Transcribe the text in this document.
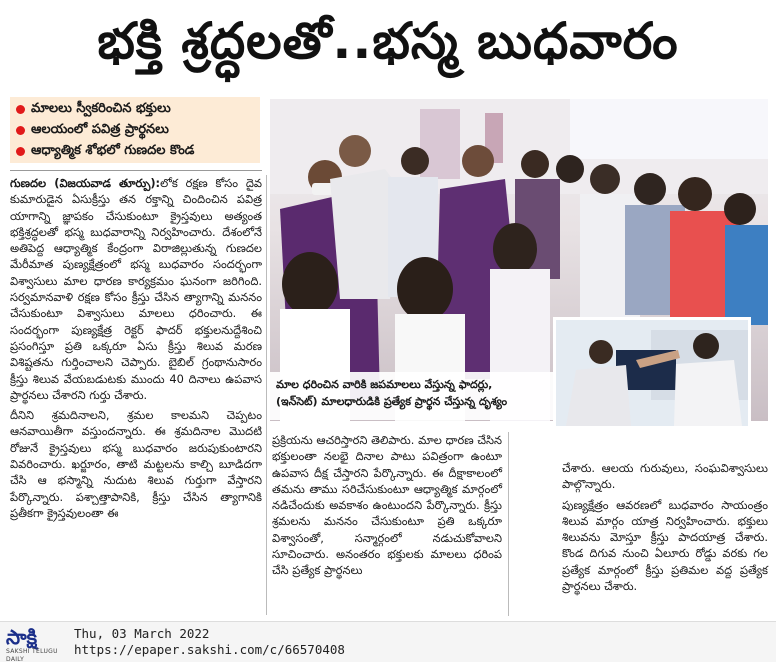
భక్తి శ్రద్ధలతో..భస్మ బుధవారం
మాలలు స్వీకరించిన భక్తులు
ఆలయంలో పవిత్ర ప్రార్థనలు
ఆధ్యాత్మిక శోభలో గుణదల కొండ
మాల ధరించిన వారికి జపమాలలు వేస్తున్న ఫాదర్లు,
(ఇన్‌సెట్) మాలధారుడికి ప్రత్యేక ప్రార్థన చేస్తున్న దృశ్యం

గుణదల (విజయవాడ తూర్పు):లోక రక్షణ కోసం దైవ కుమారుడైన ఏసుక్రీస్తు తన రక్తాన్ని చిందించిన పవిత్ర యాగాన్ని జ్ఞాపకం చేసుకుంటూ క్రైస్తవులు అత్యంత భక్తిశ్రద్ధలతో భస్మ బుధవారాన్ని నిర్వహించారు. దేశంలోనే అతిపెద్ద ఆధ్యాత్మిక కేంద్రంగా విరాజిల్లుతున్న గుణదల మేరీమాత పుణ్యక్షేత్రంలో భస్మ బుధవారం సందర్భంగా విశ్వాసులు మాల ధారణ కార్యక్రమం ఘనంగా జరిగింది. సర్వమానవాళి రక్షణ కోసం క్రీస్తు చేసిన త్యాగాన్ని మననం చేసుకుంటూ విశ్వాసులు మాలలు ధరించారు. ఈ సందర్భంగా పుణ్యక్షేత్ర రెక్టర్ ఫాదర్ భక్తులనుద్దేశించి ప్రసంగిస్తూ ప్రతి ఒక్కరూ ఏసు క్రీస్తు శిలువ మరణ విశిష్టతను గుర్తించాలని చెప్పారు. బైబిల్ గ్రంథానుసారం క్రీస్తు శిలువ వేయబడుటకు ముందు 40 దినాలు ఉపవాస ప్రార్థనలు చేశారని గుర్తు చేశారు.

దీనిని శ్రమదినాలని, శ్రమల కాలమని చెప్పటం ఆనవాయితీగా వస్తుందన్నారు. ఈ శ్రమదినాల మొదటి రోజునే క్రైస్తవులు భస్మ బుధవారం జరుపుకుంటారని వివరించారు. ఖర్జూరం, తాటి మట్టలను కాల్చి బూడిదగా చేసి ఆ భస్మాన్ని నుదుట శిలువ గుర్తుగా వేస్తారని పేర్కొన్నారు. పశ్చాత్తాపానికి, క్రీస్తు చేసిన త్యాగానికి ప్రతీకగా క్రైస్తవులంతా ఈ

ప్రక్రియను ఆచరిస్తారని తెలిపారు. మాల ధారణ చేసిన భక్తులంతా నలభై దినాల పాటు పవిత్రంగా ఉంటూ ఉపవాస దీక్ష చేస్తారని పేర్కొన్నారు. ఈ దీక్షాకాలంలో తమను తాము సరిచేసుకుంటూ ఆధ్యాత్మిక మార్గంలో నడిచేందుకు అవకాశం ఉంటుందని పేర్కొన్నారు. క్రీస్తు శ్రమలను మననం చేసుకుంటూ ప్రతి ఒక్కరూ విశ్వాసంతో, సన్మార్గంలో నడుచుకోవాలని సూచించారు. అనంతరం భక్తులకు మాలలు ధరింప చేసి ప్రత్యేక ప్రార్థనలు

చేశారు. ఆలయ గురువులు, సంఘవిశ్వాసులు పాల్గొన్నారు.

పుణ్యక్షేత్రం ఆవరణలో బుధవారం సాయంత్రం శిలువ మార్గం యాత్ర నిర్వహించారు. భక్తులు శిలువను మోస్తూ క్రీస్తు పాదయాత్ర చేశారు. కొండ దిగువ నుంచి ఏలూరు రోడ్డు వరకు గల ప్రత్యేక మార్గంలో క్రీస్తు ప్రతిమల వద్ద ప్రత్యేక ప్రార్థనలు చేశారు.

సాక్షి
SAKSHI TELUGU DAILY
Thu, 03 March 2022
https://epaper.sakshi.com/c/66570408
